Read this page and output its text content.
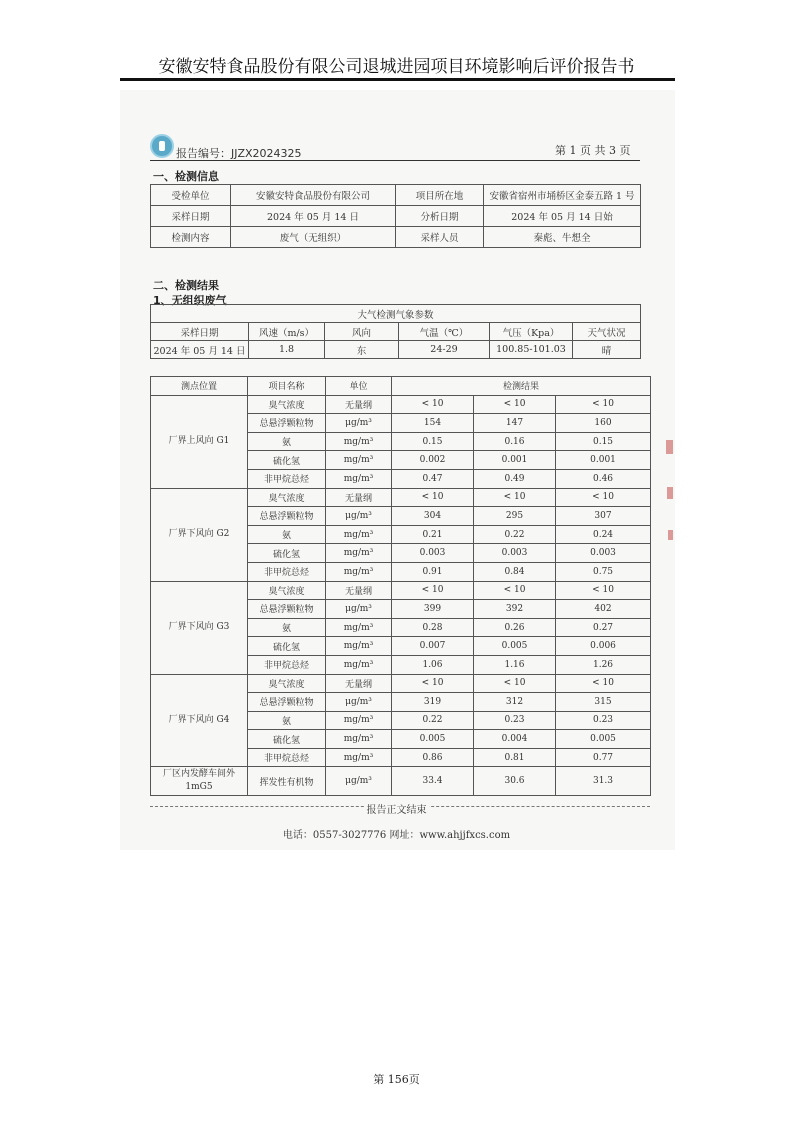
安徽安特食品股份有限公司退城进园项目环境影响后评价报告书
报告编号：JJZX2024325	第 1 页 共 3 页
一、检测信息
受检单位	安徽安特食品股份有限公司	项目所在地	安徽省宿州市埇桥区金泰五路 1 号
采样日期	2024 年 05 月 14 日	分析日期	2024 年 05 月 14 日始
检测内容	废气（无组织）	采样人员	秦彪、牛想全
二、检测结果
1、无组织废气
大气检测气象参数					
采样日期	风速（m/s）	风向	气温（℃）	气压（Kpa）	天气状况
2024 年 05 月 14 日	1.8	东	24-29	100.85-101.03	晴
测点位置	项目名称	单位	检测结果		
厂界上风向 G1	臭气浓度	无量纲	< 10	< 10	< 10
	总悬浮颗粒物	μg/m³	154	147	160
	氨	mg/m³	0.15	0.16	0.15
	硫化氢	mg/m³	0.002	0.001	0.001
	非甲烷总烃	mg/m³	0.47	0.49	0.46
厂界下风向 G2	臭气浓度	无量纲	< 10	< 10	< 10
	总悬浮颗粒物	μg/m³	304	295	307
	氨	mg/m³	0.21	0.22	0.24
	硫化氢	mg/m³	0.003	0.003	0.003
	非甲烷总烃	mg/m³	0.91	0.84	0.75
厂界下风向 G3	臭气浓度	无量纲	< 10	< 10	< 10
	总悬浮颗粒物	μg/m³	399	392	402
	氨	mg/m³	0.28	0.26	0.27
	硫化氢	mg/m³	0.007	0.005	0.006
	非甲烷总烃	mg/m³	1.06	1.16	1.26
厂界下风向 G4	臭气浓度	无量纲	< 10	< 10	< 10
	总悬浮颗粒物	μg/m³	319	312	315
	氨	mg/m³	0.22	0.23	0.23
	硫化氢	mg/m³	0.005	0.004	0.005
	非甲烷总烃	mg/m³	0.86	0.81	0.77
厂区内发酵车间外 1mG5	挥发性有机物	μg/m³	33.4	30.6	31.3
报告正文结束
电话：0557-3027776 网址：www.ahjjfxcs.com
第 156页
